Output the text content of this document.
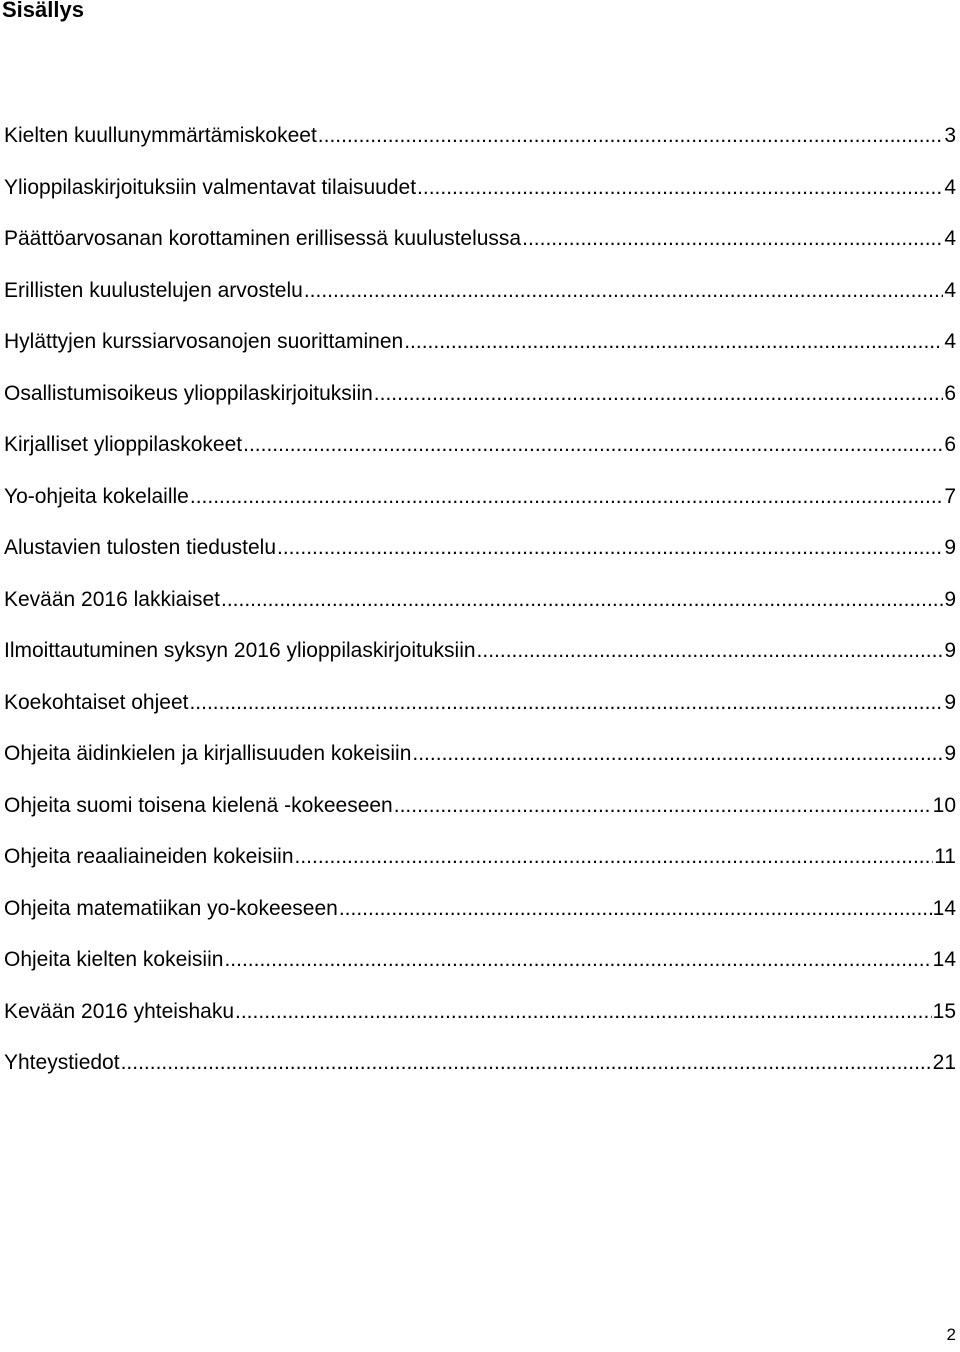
Sisällys
Kielten kuullunymmärtämiskokeet .....	3
Ylioppilaskirjoituksiin valmentavat tilaisuudet .....	4
Päättöarvosanan korottaminen erillisessä kuulustelussa .....	4
Erillisten kuulustelujen arvostelu .....	4
Hylättyjen kurssiarvosanojen suorittaminen .....	4
Osallistumisoikeus ylioppilaskirjoituksiin .....	6
Kirjalliset ylioppilaskokeet .....	6
Yo-ohjeita kokelaille .....	7
Alustavien tulosten tiedustelu .....	9
Kevään 2016 lakkiaiset .....	9
Ilmoittautuminen syksyn 2016 ylioppilaskirjoituksiin .....	9
Koekohtaiset ohjeet .....	9
Ohjeita äidinkielen ja kirjallisuuden kokeisiin .....	9
Ohjeita suomi toisena kielenä -kokeeseen .....	10
Ohjeita reaaliaineiden kokeisiin .....	11
Ohjeita matematiikan yo-kokeeseen .....	14
Ohjeita kielten kokeisiin .....	14
Kevään 2016 yhteishaku .....	15
Yhteystiedot .....	21
2
